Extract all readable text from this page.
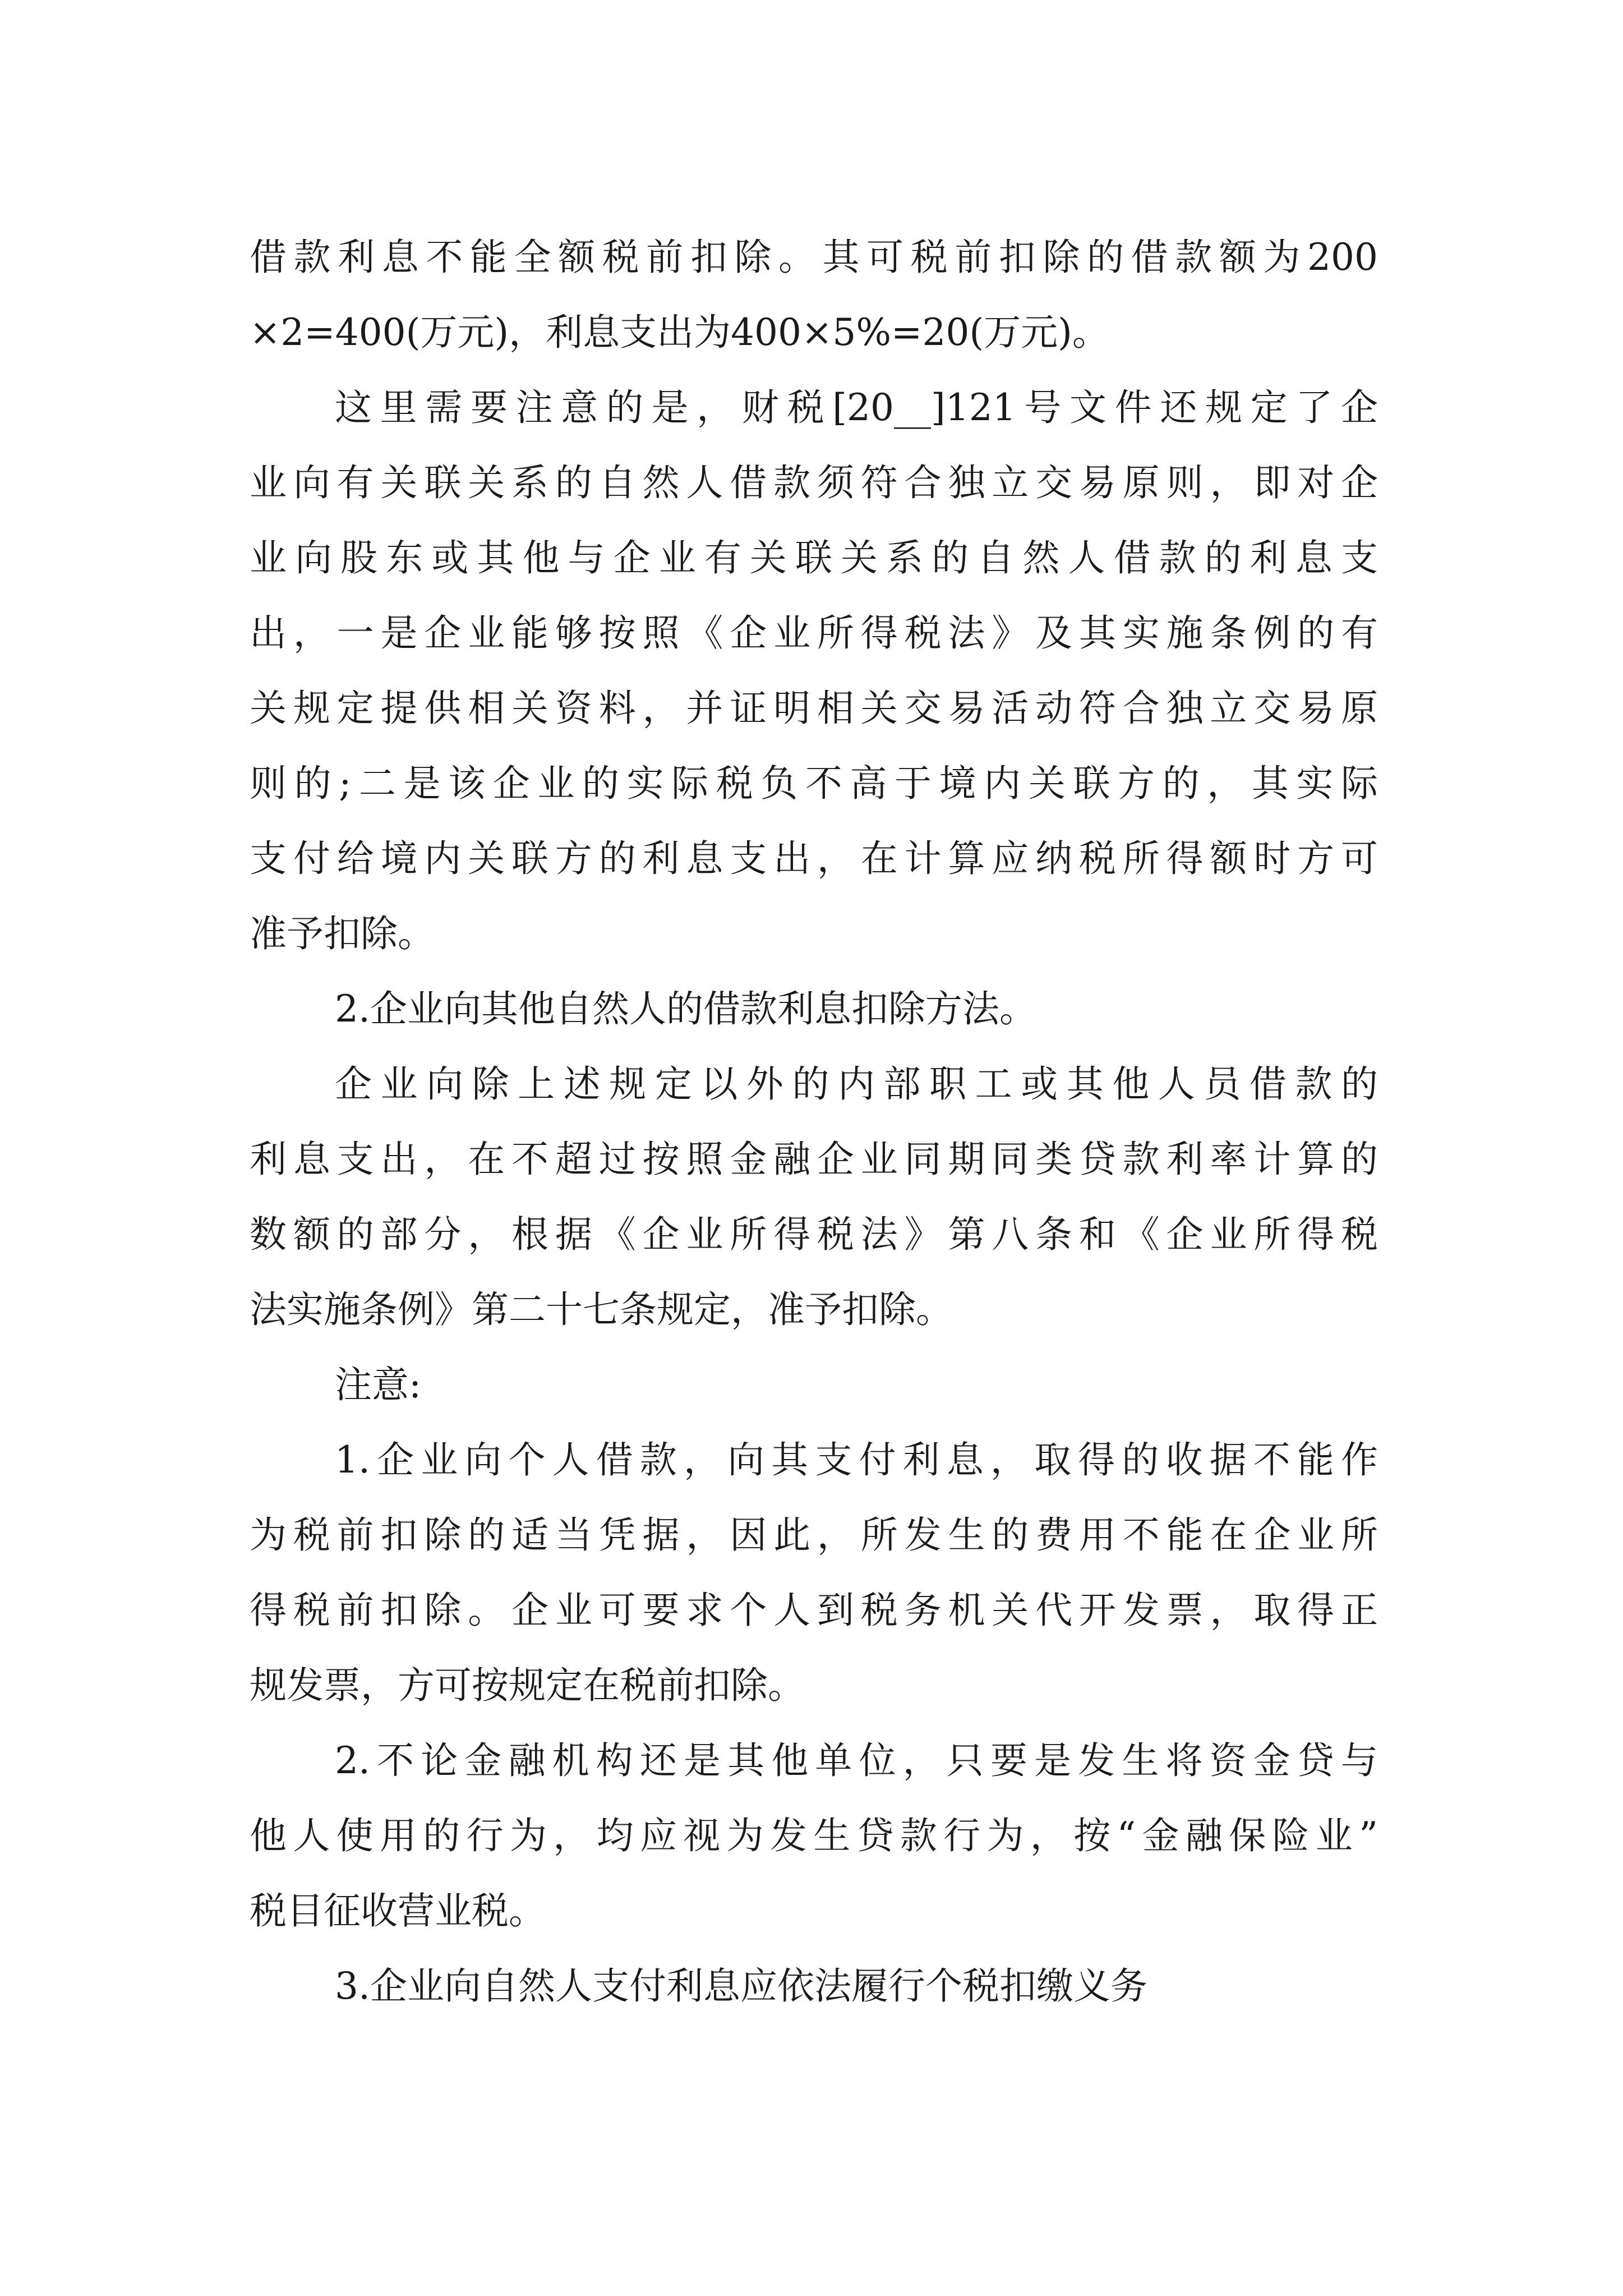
借款利息不能全额税前扣除。其可税前扣除的借款额为200
×2=400(万元)，利息支出为400×5%=20(万元)。
这里需要注意的是，财税[20__]121号文件还规定了企
业向有关联关系的自然人借款须符合独立交易原则，即对企
业向股东或其他与企业有关联关系的自然人借款的利息支
出，一是企业能够按照《企业所得税法》及其实施条例的有
关规定提供相关资料，并证明相关交易活动符合独立交易原
则的;二是该企业的实际税负不高于境内关联方的，其实际
支付给境内关联方的利息支出，在计算应纳税所得额时方可
准予扣除。
2.企业向其他自然人的借款利息扣除方法。
企业向除上述规定以外的内部职工或其他人员借款的
利息支出，在不超过按照金融企业同期同类贷款利率计算的
数额的部分，根据《企业所得税法》第八条和《企业所得税
法实施条例》第二十七条规定，准予扣除。
注意:
1.企业向个人借款，向其支付利息，取得的收据不能作
为税前扣除的适当凭据，因此，所发生的费用不能在企业所
得税前扣除。企业可要求个人到税务机关代开发票，取得正
规发票，方可按规定在税前扣除。
2.不论金融机构还是其他单位，只要是发生将资金贷与
他人使用的行为，均应视为发生贷款行为，按“金融保险业”
税目征收营业税。
3.企业向自然人支付利息应依法履行个税扣缴义务
